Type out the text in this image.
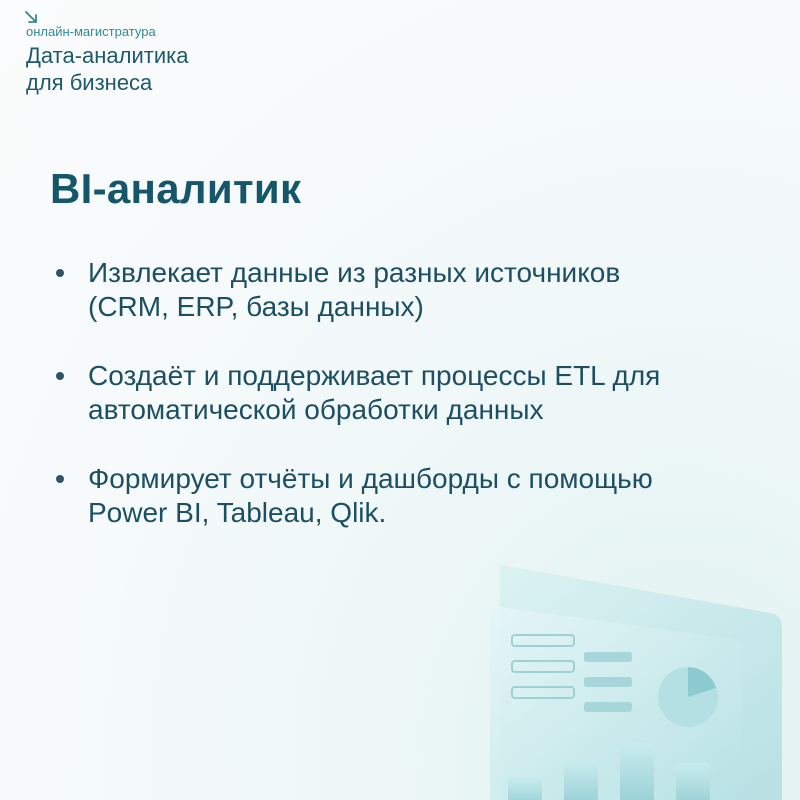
онлайн-магистратура
Дата-аналитика
для бизнеса
BI-аналитик
Извлекает данные из разных источников
(CRM, ERP, базы данных)
Создаёт и поддерживает процессы ETL для
автоматической обработки данных
Формирует отчёты и дашборды с помощью
Power BI, Tableau, Qlik.
